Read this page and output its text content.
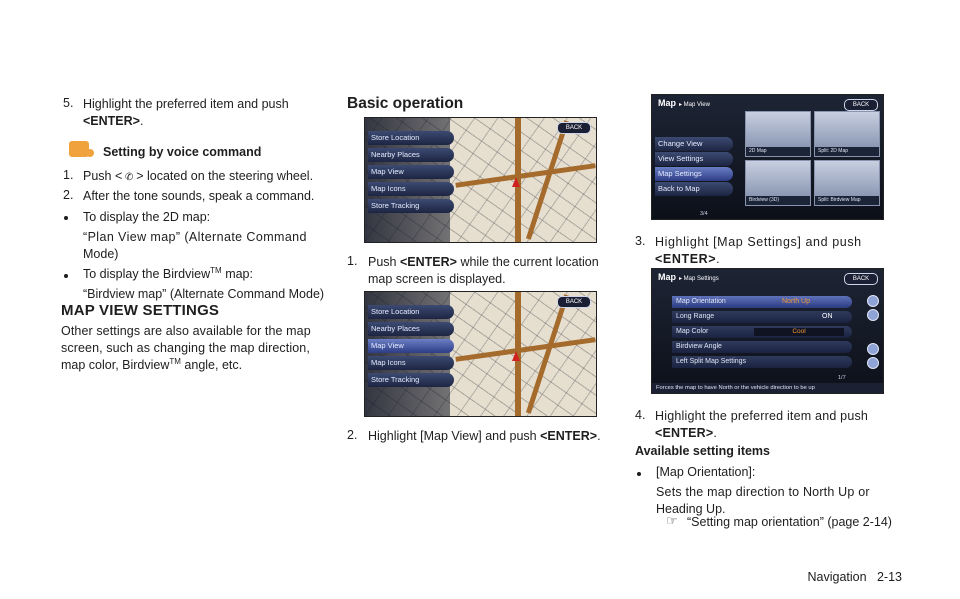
5. Highlight the preferred item and push
<ENTER>.

Setting by voice command
1. Push < ✆ > located on the steering wheel.

2. After the tone sounds, speak a command.

To display the 2D map:

“Plan View map” (Alternate Command

Mode)

To display the Birdview™ map:

“Birdview map” (Alternate Command Mode)

MAP VIEW SETTINGS

Other settings are also available for the map

screen, such as changing the map direction,

map color, Birdview™ angle, etc.

Basic operation
Store Location
Nearby Places
Map View
Map Icons
Store Tracking
BACK
1. Push <ENTER> while the current location
map screen is displayed.

Store Location
Nearby Places
Map View
Map Icons
Store Tracking
BACK
2. Highlight [Map View] and push <ENTER>.

Map ▸ Map View	BACK
Change View
View Settings
Map Settings
Back to Map
2D Map	Split: 2D Map
Birdview (3D)	Split: Birdview Map
3/4
3. Highlight [Map Settings] and push
<ENTER>.

Map ▸ Map Settings	BACK
Map Orientation	North Up
Long Range	ON
Map Color	Cool
Birdview Angle
Left Split Map Settings
1/7
Forces the map to have North or the vehicle direction to be up
4. Highlight the preferred item and push
<ENTER>.

Available setting items

[Map Orientation]:

Sets the map direction to North Up or

Heading Up.

☞ “Setting map orientation” (page 2-14)

Navigation   2-13
